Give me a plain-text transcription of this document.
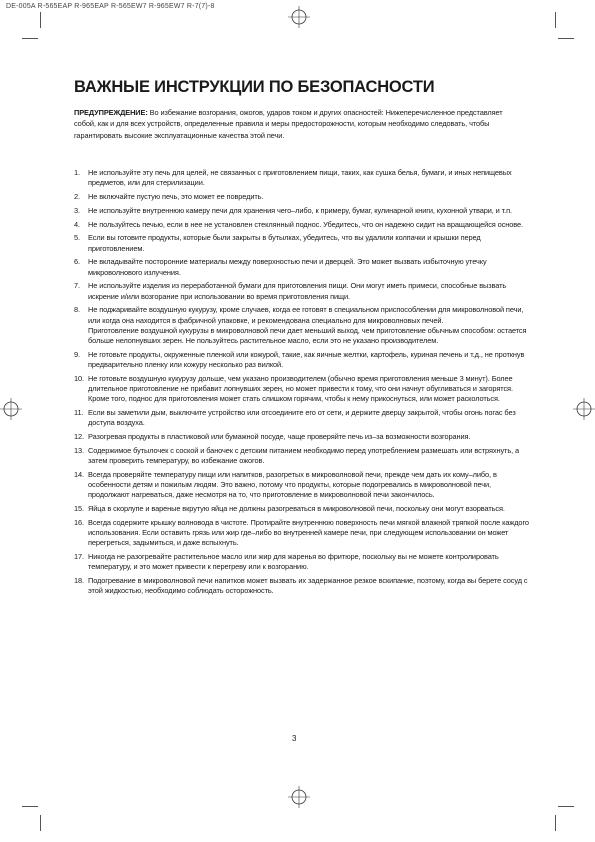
DE-005A R-565EAP R-965EAP R-565EW7 R-965EW7 R-7(7)-8
ВАЖНЫЕ ИНСТРУКЦИИ ПО БЕЗОПАСНОСТИ

ПРЕДУПРЕЖДЕНИЕ: Во избежание возгорания, ожогов, ударов током и других опасностей: Нижеперечисленное представляет собой, как и для всех устройств, определенные правила и меры предосторожности, которым необходимо следовать, чтобы гарантировать высокие эксплуатационные качества этой печи.

1. Не используйте эту печь для целей, не связанных с приготовлением пищи, таких, как сушка белья, бумаги, и иных непищевых предметов, или для стерилизации.
2. Не включайте пустую печь, это может ее повредить.
3. Не используйте внутреннюю камеру печи для хранения чего–либо, к примеру, бумаг, кулинарной книги, кухонной утвари, и т.п.
4. Не пользуйтесь печью, если в нее не установлен стеклянный поднос. Убедитесь, что он надежно сидит на вращающейся основе.
5. Если вы готовите продукты, которые были закрыты в бутылках, убедитесь, что вы удалили колпачки и крышки перед приготовлением.
6. Не вкладывайте посторонние материалы между поверхностью печи и дверцей. Это может вызвать избыточную утечку микроволнового излучения.
7. Не используйте изделия из переработанной бумаги для приготовления пищи. Они могут иметь примеси, способные вызвать искрение и/или возгорание при использовании во время приготовления пищи.
8. Не поджаривайте воздушную кукурузу, кроме случаев, когда ее готовят в специальном приспособлении для микроволновой печи, или когда она находится в фабричной упаковке, и рекомендована специально для микроволновых печей.
Приготовление воздушной кукурузы в микроволновой печи дает меньший выход, чем приготовление обычным способом: остается больше нелопнувших зерен. Не пользуйтесь растительное масло, если это не указано производителем.
9. Не готовьте продукты, окруженные пленкой или кожурой, такие, как яичные желтки, картофель, куриная печень и т.д., не проткнув предварительно пленку или кожуру несколько раз вилкой.
10. Не готовьте воздушную кукурузу дольше, чем указано производителем (обычно время приготовления меньше 3 минут). Более длительное приготовление не прибавит лопнувших зерен, но может привести к тому, что они начнут обугливаться и загорятся. Кроме того, поднос для приготовления может стать слишком горячим, чтобы к нему прикоснуться, или может расколоться.
11. Если вы заметили дым, выключите устройство или отсоедините его от сети, и держите дверцу закрытой, чтобы огонь погас без доступа воздуха.
12. Разогревая продукты в пластиковой или бумажной посуде, чаще проверяйте печь из–за возможности возгорания.
13. Содержимое бутылочек с соской и баночек с детским питанием необходимо перед употреблением размешать или встряхнуть, а затем проверить температуру, во избежание ожогов.
14. Всегда проверяйте температуру пищи или напитков, разогретых в микроволновой печи, прежде чем дать их кому–либо, в особенности детям и пожилым людям. Это важно, потому что продукты, которые подогревались в микроволновой печи, продолжают нагреваться, даже несмотря на то, что приготовление в микроволновой печи закончилось.
15. Яйца в скорлупе и вареные вкрутую яйца не должны разогреваться в микроволновой печи, поскольку они могут взорваться.
16. Всегда содержите крышку волновода в чистоте. Протирайте внутреннюю поверхность печи мягкой влажной тряпкой после каждого использования. Если оставить грязь или жир где–либо во внутренней камере печи, при следующем использовании он может перегреться, задымиться, и даже вспыхнуть.
17. Никогда не разогревайте растительное масло или жир для жаренья во фритюре, поскольку вы не можете контролировать температуру, и это может привести к перегреву или к возгоранию.
18. Подогревание в микроволновой печи напитков может вызвать их задержанное резкое вскипание, поэтому, когда вы берете сосуд с этой жидкостью, необходимо соблюдать осторожность.
3
